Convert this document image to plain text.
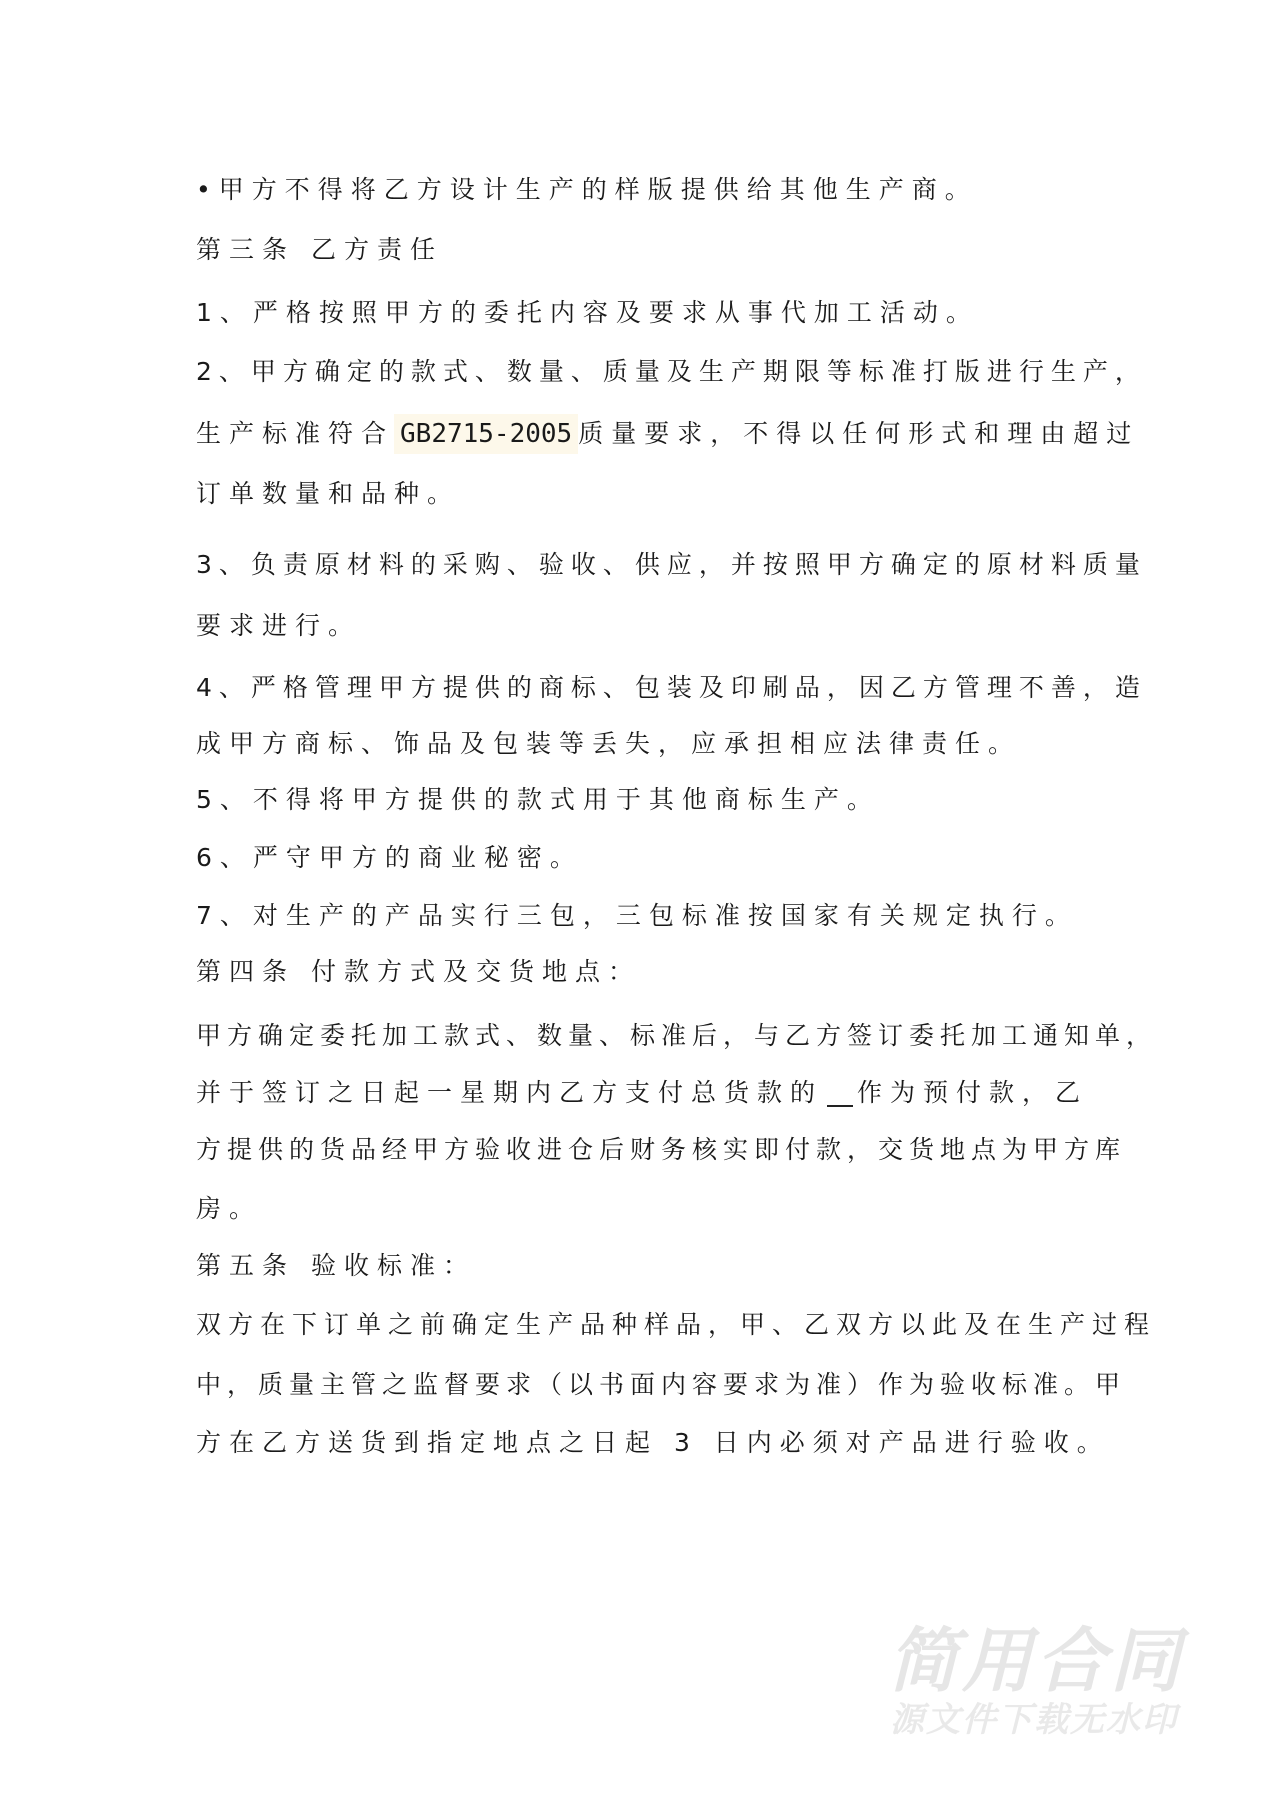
•甲方不得将乙方设计生产的样版提供给其他生产商。
第三条 乙方责任
1、严格按照甲方的委托内容及要求从事代加工活动。
2、甲方确定的款式、数量、质量及生产期限等标准打版进行生产，
生产标准符合 GB2715-2005 质量要求，不得以任何形式和理由超过
订单数量和品种。
3、负责原材料的采购、验收、供应，并按照甲方确定的原材料质量
要求进行。
4、严格管理甲方提供的商标、包装及印刷品，因乙方管理不善，造
成甲方商标、饰品及包装等丢失，应承担相应法律责任。
5、不得将甲方提供的款式用于其他商标生产。
6、严守甲方的商业秘密。
7、对生产的产品实行三包，三包标准按国家有关规定执行。
第四条 付款方式及交货地点：
甲方确定委托加工款式、数量、标准后，与乙方签订委托加工通知单，
并于签订之日起一星期内乙方支付总货款的 作为预付款，乙
方提供的货品经甲方验收进仓后财务核实即付款，交货地点为甲方库
房。
第五条 验收标准：
双方在下订单之前确定生产品种样品，甲、乙双方以此及在生产过程
中，质量主管之监督要求（以书面内容要求为准）作为验收标准。甲
方在乙方送货到指定地点之日起 3 日内必须对产品进行验收。
简用合同
源文件下载无水印
